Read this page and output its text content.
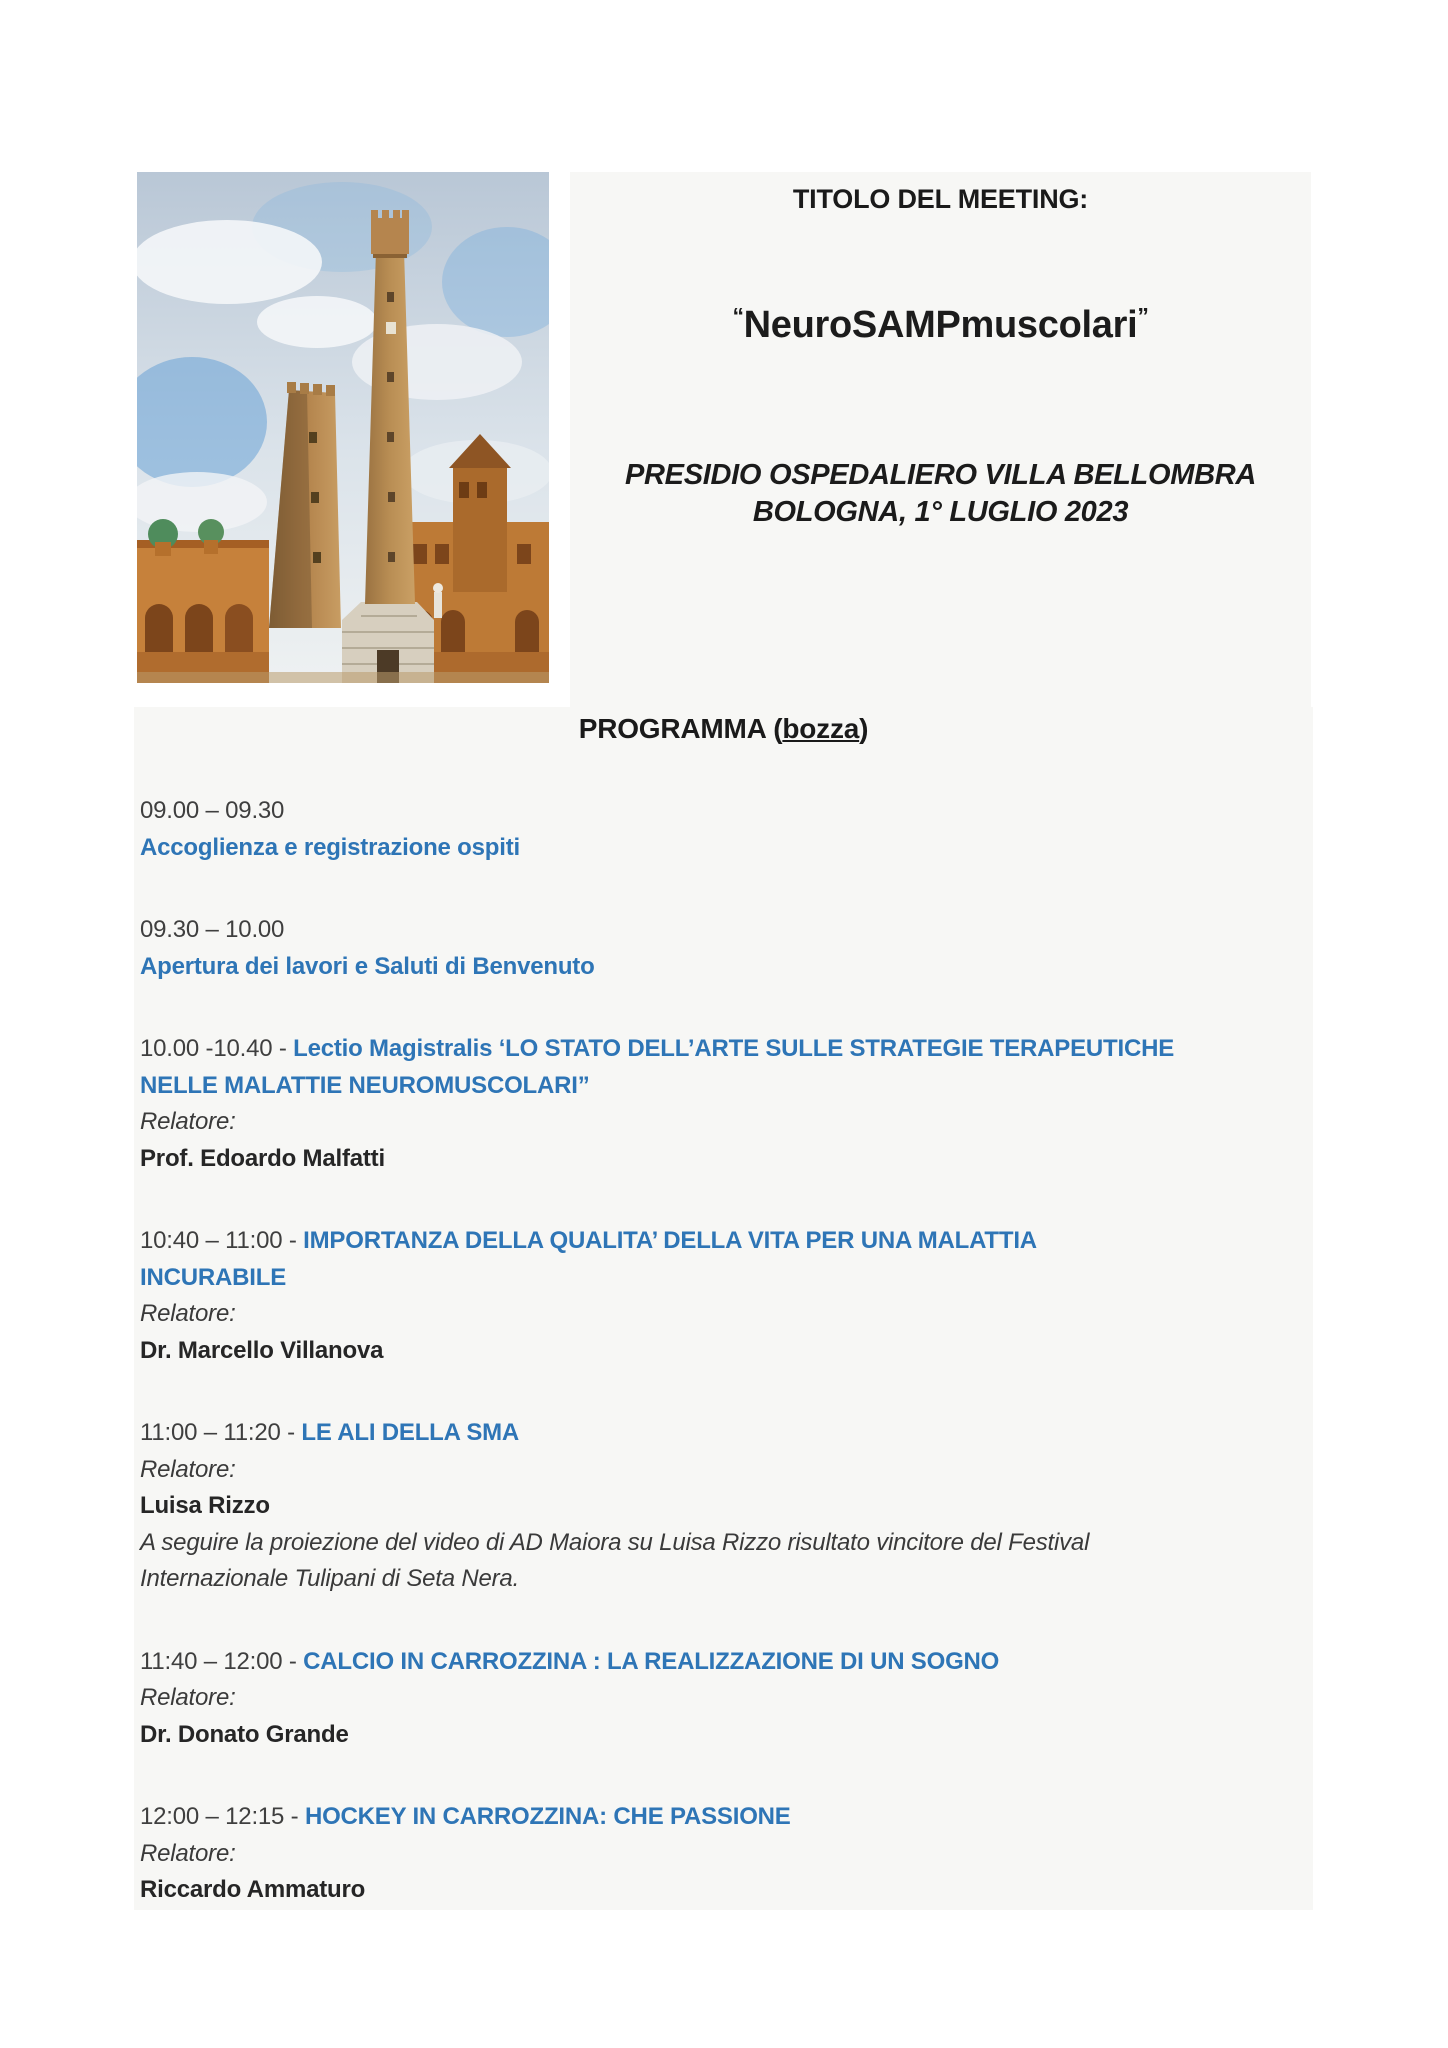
TITOLO DEL MEETING:
“NeuroSAMPmuscolari”
PRESIDIO OSPEDALIERO VILLA BELLOMBRA
BOLOGNA, 1° LUGLIO 2023
PROGRAMMA (bozza)
09.00 – 09.30
Accoglienza e registrazione ospiti
09.30 – 10.00
Apertura dei lavori e Saluti di Benvenuto
10.00 -10.40 - Lectio Magistralis ‘LO STATO DELL’ARTE SULLE STRATEGIE TERAPEUTICHE
NELLE MALATTIE NEUROMUSCOLARI”
Relatore:
Prof. Edoardo Malfatti
10:40 – 11:00 - IMPORTANZA DELLA QUALITA’ DELLA VITA PER UNA MALATTIA
INCURABILE
Relatore:
Dr. Marcello Villanova
11:00 – 11:20 - LE ALI DELLA SMA
Relatore:
Luisa Rizzo
A seguire la proiezione del video di AD Maiora su Luisa Rizzo risultato vincitore del Festival
Internazionale Tulipani di Seta Nera.
11:40 – 12:00 - CALCIO IN CARROZZINA : LA REALIZZAZIONE DI UN SOGNO
Relatore:
Dr. Donato Grande
12:00 – 12:15 - HOCKEY IN CARROZZINA: CHE PASSIONE
Relatore:
Riccardo Ammaturo
